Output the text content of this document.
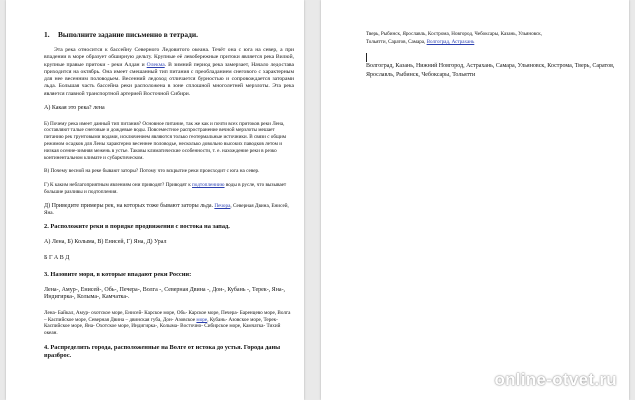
1. Выполните задание письменно в тетради.

Эта река относится к бассейну Северного Ледовитого океана. Течёт она с юга на север, а при впадении в море образует обширную дельту. Крупные её левобережные притоки является река Вилюй, крупные правые притоки - реки Алдан и Олекма. В зимний период река замерзает, Начало ледостава приходится на октябрь. Она имеет смешанный тип питания с преобладанием снегового с характерным для нее весенним половодьем. Весенний ледоход отличается бурностью и сопровождается заторами льда. Большая часть бассейна реки расположена в зоне сплошной многолетней мерзлоты. Эта река является главной транспортной артерией Восточной Сибири.

А) Какая это река? лена

Б) Почему река имеет данный тип питания? Основное питание, так же как и почти всех притоков реки Лена, составляют талые снеговые и дождевые воды. Повсеместное распространение вечной мерзлоты мешает питанию рек грунтовыми водами, исключением являются только геотермальные источники. В связи с общим режимом осадков для Лены характерно весеннее половодье, несколько довольно высоких паводков летом и низкая осенне-зимняя межень в устье. Таковы климатические особенности, т. е. нахождение реки в резко континентальном климате и субарктическом.

В) Почему весной на реке бывают заторы? Потому что вскрытие реки происходит с юга на север.

Г) К каким неблагоприятным явлениям они приводят? Приводят к подтоплениию воды в русле, что вызывает большие разливы и подтопления.

Д) Приведите примеры рек, на которых тоже бывают заторы льда. Печора, Северная Двина, Енисей, Яна.

2. Расположите реки в порядке продвижения с востока на запад.

А) Лена, Б) Колыма, В) Енисей, Г) Яна, Д) Урал

Б Г А В Д

3. Назовите моря, в которые впадают реки России:

Лена-, Амур-, Енисей-, Обь-, Печера-, Волга -, Северная Двина -, Дон-, Кубань -, Терек-, Яна-, Индигирка-, Колыма-, Камчатка-.

Лена- Байкал, Амур- охотское море, Енисей- Карское море, Обь- Карское море, Печера- Баренцево море, Волга – Каспийское море, Северная Двина – двинская губа, Дон- Азовское море, Кубань- Азовское море, Терек- Каспийское море, Яна- Охотское море, Индигирка-, Колыма- Восточно- Сибирское море, Камчатка- Тихий океан.

4. Распределить города, расположенные на Волге от истока до устья. Города даны вразброс.

Тверь, Рыбинск, Ярославль, Кострома, Новгород, Чебоксары, Казань, Ульяновск,

Тольятти, Саратов, Самара, Волгоград, Астрахань

Волгоград, Казань, Нижний Новгород, Астрахань, Самара, Ульяновск, Кострома, Тверь, Саратов, Ярославль, Рыбинск, Чебоксары, Тольятти

online-otvet.ru
